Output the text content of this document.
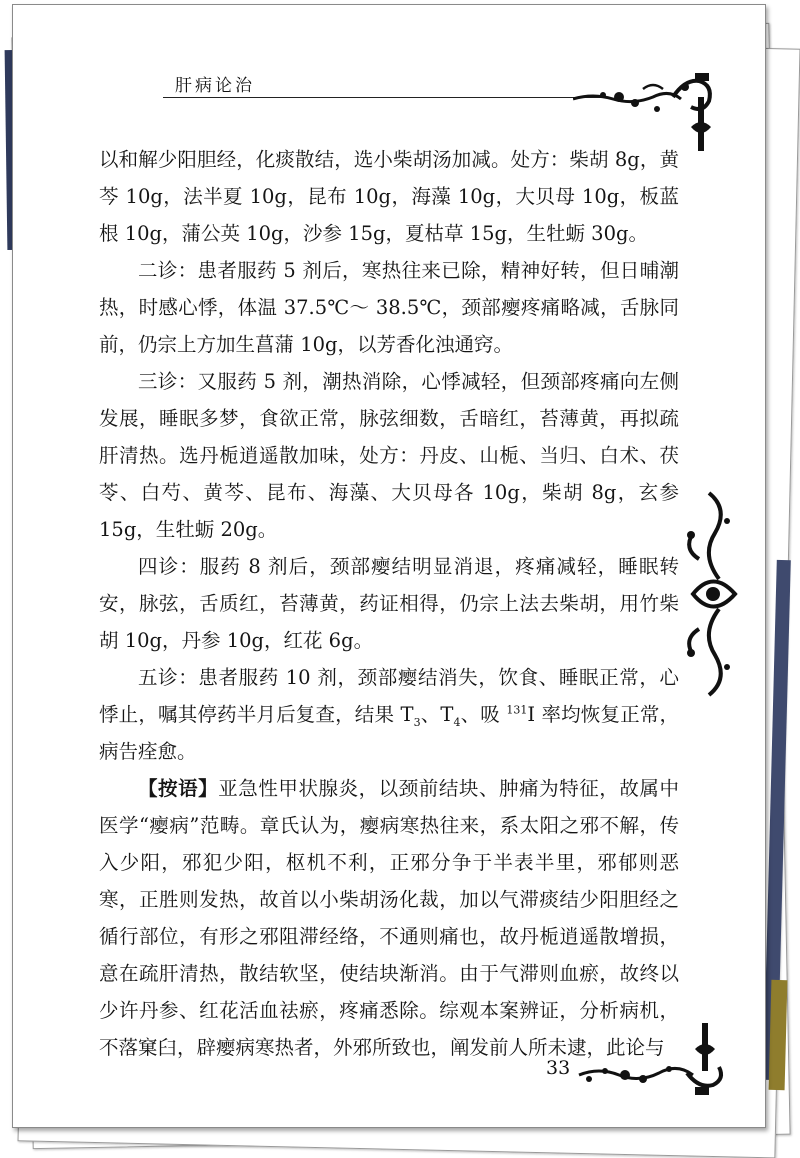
肝病论治

以和解少阳胆经，化痰散结，选小柴胡汤加减。处方：柴胡 8g，黄芩 10g，法半夏 10g，昆布 10g，海藻 10g，大贝母 10g，板蓝根 10g，蒲公英 10g，沙参 15g，夏枯草 15g，生牡蛎 30g。

二诊：患者服药 5 剂后，寒热往来已除，精神好转，但日晡潮热，时感心悸，体温 37.5℃～ 38.5℃，颈部瘿疼痛略减，舌脉同前，仍宗上方加生菖蒲 10g，以芳香化浊通窍。

三诊：又服药 5 剂，潮热消除，心悸减轻，但颈部疼痛向左侧发展，睡眠多梦，食欲正常，脉弦细数，舌暗红，苔薄黄，再拟疏肝清热。选丹栀逍遥散加味，处方：丹皮、山栀、当归、白术、茯苓、白芍、黄芩、昆布、海藻、大贝母各 10g，柴胡 8g，玄参 15g，生牡蛎 20g。

四诊：服药 8 剂后，颈部瘿结明显消退，疼痛减轻，睡眠转安，脉弦，舌质红，苔薄黄，药证相得，仍宗上法去柴胡，用竹柴胡 10g，丹参 10g，红花 6g。

五诊：患者服药 10 剂，颈部瘿结消失，饮食、睡眠正常，心悸止，嘱其停药半月后复查，结果 $T_3$、$T_4$、吸 $^{131}$I 率均恢复正常，病告痊愈。

【按语】亚急性甲状腺炎，以颈前结块、肿痛为特征，故属中医学“瘿病”范畴。章氏认为，瘿病寒热往来，系太阳之邪不解，传入少阳，邪犯少阳，枢机不利，正邪分争于半表半里，邪郁则恶寒，正胜则发热，故首以小柴胡汤化裁，加以气滞痰结少阳胆经之循行部位，有形之邪阻滞经络，不通则痛也，故丹栀逍遥散增损，意在疏肝清热，散结软坚，使结块渐消。由于气滞则血瘀，故终以少许丹参、红花活血祛瘀，疼痛悉除。综观本案辨证，分析病机，不落窠臼，辟瘿病寒热者，外邪所致也，阐发前人所未逮，此论与

33
